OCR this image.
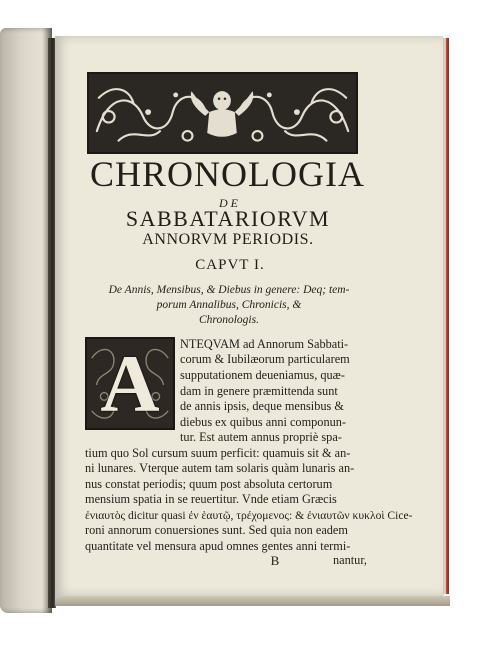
CHRONOLOGIA
DE
SABBATARIORVM
ANNORVM PERIODIS.
CAPVT I.
De Annis, Mensibus, & Diebus in genere: Deq; tem-
porum Annalibus, Chronicis, &
Chronologis.
A	NTEQVAM ad Annorum Sabbati-
corum & Iubilæorum particularem
supputationem deueniamus, quæ-
dam in genere præmittenda sunt
de annis ipsis, deque mensibus &
diebus ex quibus anni componun-
tur. Est autem annus propriè spa-
tium quo Sol cursum suum perficit: quamuis sit & an-
ni lunares. Vterque autem tam solaris quàm lunaris an-
nus constat periodis; quum post absoluta certorum
mensium spatia in se reuertitur. Vnde etiam Græcis
ἐνιαυτὸς dicitur quasi ἐν ἑαυτῷ, τρέχομενος: & ἐνιαυτῶν κυκλοὶ Cice-
roni annorum conuersiones sunt. Sed quia non eadem
quantitate vel mensura apud omnes gentes anni termi-
B	nantur,
